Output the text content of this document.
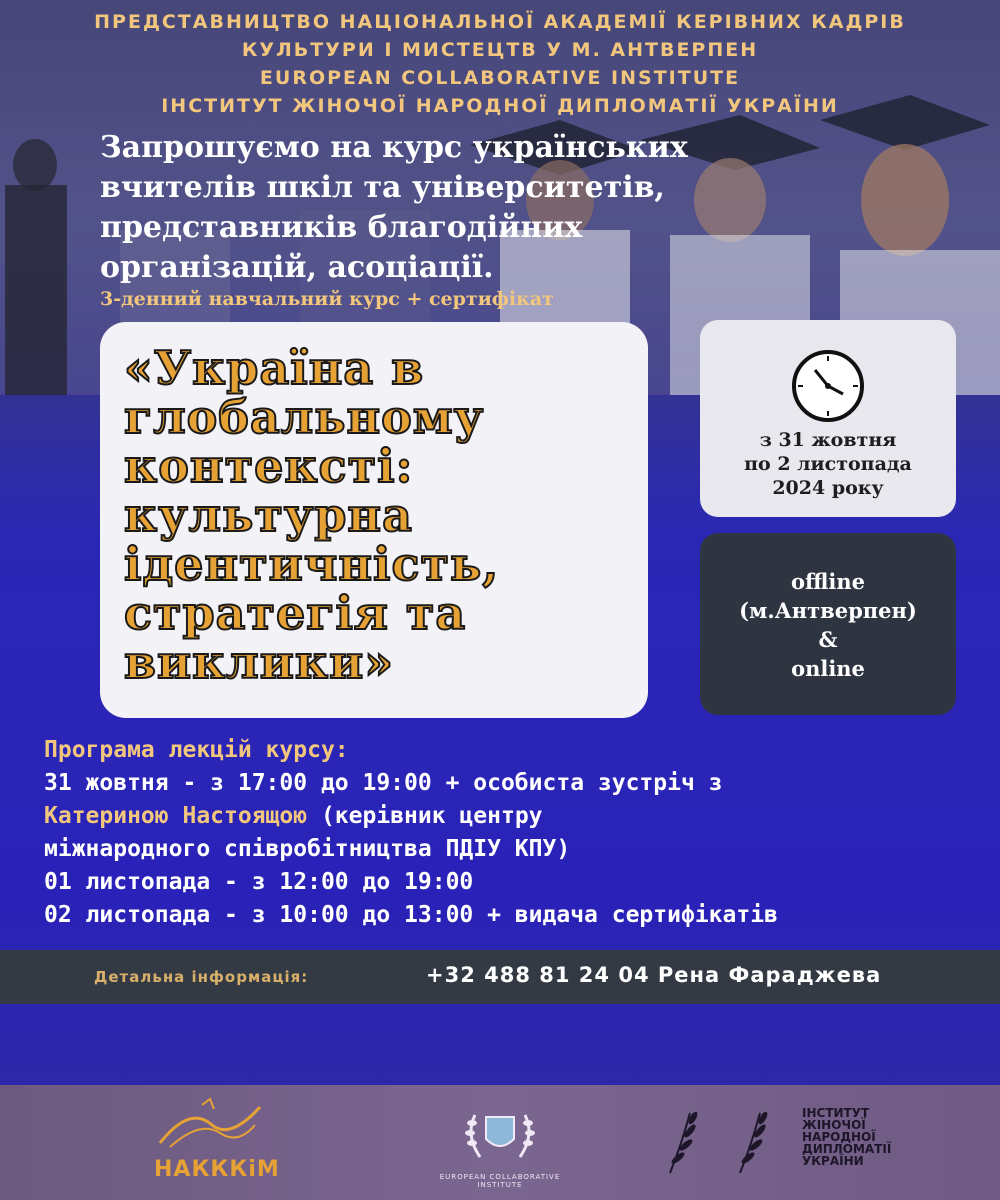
ПРЕДСТАВНИЦТВО НАЦІОНАЛЬНОЇ АКАДЕМІЇ КЕРІВНИХ КАДРІВ
КУЛЬТУРИ І МИСТЕЦТВ У М. АНТВЕРПЕН
EUROPEAN COLLABORATIVE INSTITUTE
ІНСТИТУТ ЖІНОЧОЇ НАРОДНОЇ ДИПЛОМАТІЇ УКРАЇНИ
Запрошуємо на курс українських
вчителів шкіл та університетів,
представників благодійних
організацій, асоціації.
3-денний навчальний курс + сертифікат
«Україна в
глобальному
контексті:
культурна
ідентичність,
стратегія та
виклики»
з 31 жовтня
по 2 листопада
2024 року
offline
(м.Антверпен)
&
online
Програма лекцій курсу:
31 жовтня - з 17:00 до 19:00 + особиста зустріч з
Катериною Настоящою (керівник центру
міжнародного співробітництва ПДІУ КПУ)
01 листопада - з 12:00 до 19:00
02 листопада - з 10:00 до 13:00 + видача сертифікатів
Детальна інформація:	+32 488 81 24 04 Рена Фараджева
НАКККіМ	EUROPEAN COLLABORATIVE INSTITUTE
ІНСТИТУТ
ЖІНОЧОЇ
НАРОДНОЇ
ДИПЛОМАТІЇ
УКРАЇНИ
